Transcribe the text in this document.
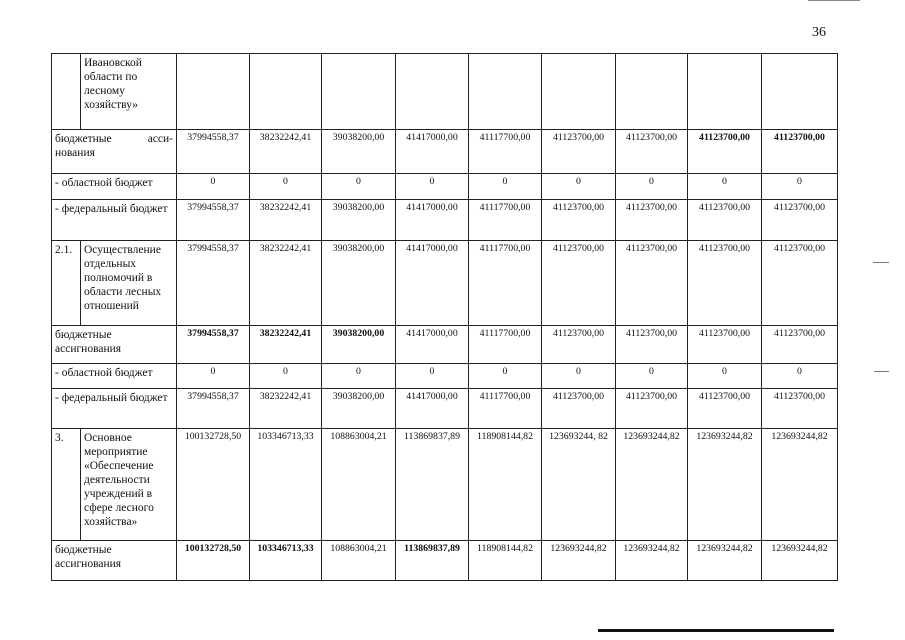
36

	Ивановской
области по
лесному
хозяйству»									

бюджетные асси-
нования		37994558,37	38232242,41	39038200,00	41417000,00	41117700,00	41123700,00	41123700,00	41123700,00	41123700,00
- областной бюджет		0	0	0	0	0	0	0	0	0
- федеральный бюджет		37994558,37	38232242,41	39038200,00	41417000,00	41117700,00	41123700,00	41123700,00	41123700,00	41123700,00
2.1.	Осуществление отдельных полномочий в области лесных отношений	37994558,37	38232242,41	39038200,00	41417000,00	41117700,00	41123700,00	41123700,00	41123700,00	41123700,00
бюджетные ассигнования		37994558,37	38232242,41	39038200,00	41417000,00	41117700,00	41123700,00	41123700,00	41123700,00	41123700,00
- областной бюджет		0	0	0	0	0	0	0	0	0
- федеральный бюджет		37994558,37	38232242,41	39038200,00	41417000,00	41117700,00	41123700,00	41123700,00	41123700,00	41123700,00
3.	Основное мероприятие «Обеспечение деятельности учреждений в сфере лесного хозяйства»	100132728,50	103346713,33	108863004,21	113869837,89	118908144,82	123693244, 82	123693244,82	123693244,82	123693244,82
бюджетные ассигнования		100132728,50	103346713,33	108863004,21	113869837,89	118908144,82	123693244,82	123693244,82	123693244,82	123693244,82
